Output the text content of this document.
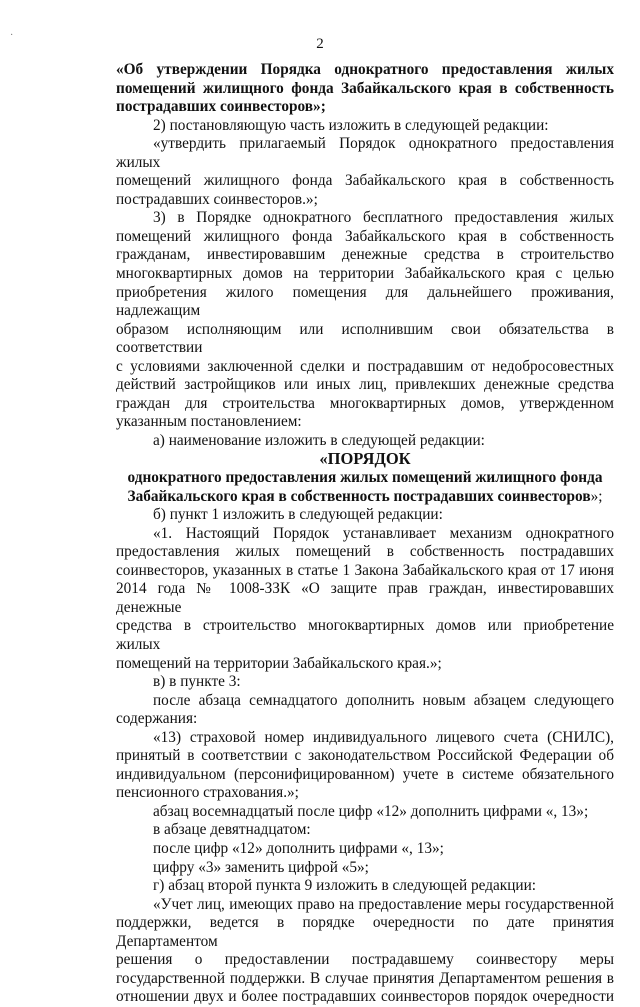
·
2

«Об утверждении Порядка однократного предоставления жилых

помещений жилищного фонда Забайкальского края в собственность

пострадавших соинвесторов»;

2) постановляющую часть изложить в следующей редакции:

«утвердить прилагаемый Порядок однократного предоставления жилых

помещений жилищного фонда Забайкальского края в собственность

пострадавших соинвесторов.»;

3) в Порядке однократного бесплатного предоставления жилых

помещений жилищного фонда Забайкальского края в собственность

гражданам, инвестировавшим денежные средства в строительство

многоквартирных домов на территории Забайкальского края с целью

приобретения жилого помещения для дальнейшего проживания, надлежащим

образом исполняющим или исполнившим свои обязательства в соответствии

с условиями заключенной сделки и пострадавшим от недобросовестных

действий застройщиков или иных лиц, привлекших денежные средства

граждан для строительства многоквартирных домов, утвержденном

указанным постановлением:

а) наименование изложить в следующей редакции:

«ПОРЯДОК

однократного предоставления жилых помещений жилищного фонда

Забайкальского края в собственность пострадавших соинвесторов»;

б) пункт 1 изложить в следующей редакции:

«1. Настоящий Порядок устанавливает механизм однократного

предоставления жилых помещений в собственность пострадавших

соинвесторов, указанных в статье 1 Закона Забайкальского края от 17 июня

2014 года № 1008-ЗЗК «О защите прав граждан, инвестировавших денежные

средства в строительство многоквартирных домов или приобретение жилых

помещений на территории Забайкальского края.»;

в) в пункте 3:

после абзаца семнадцатого дополнить новым абзацем следующего

содержания:

«13) страховой номер индивидуального лицевого счета (СНИЛС),

принятый в соответствии с законодательством Российской Федерации об

индивидуальном (персонифицированном) учете в системе обязательного

пенсионного страхования.»;

абзац восемнадцатый после цифр «12» дополнить цифрами «, 13»;

в абзаце девятнадцатом:

после цифр «12» дополнить цифрами «, 13»;

цифру «3» заменить цифрой «5»;

г) абзац второй пункта 9 изложить в следующей редакции:

«Учет лиц, имеющих право на предоставление меры государственной

поддержки, ведется в порядке очередности по дате принятия Департаментом

решения о предоставлении пострадавшему соинвестору меры

государственной поддержки. В случае принятия Департаментом решения в

отношении двух и более пострадавших соинвесторов порядок очередности
